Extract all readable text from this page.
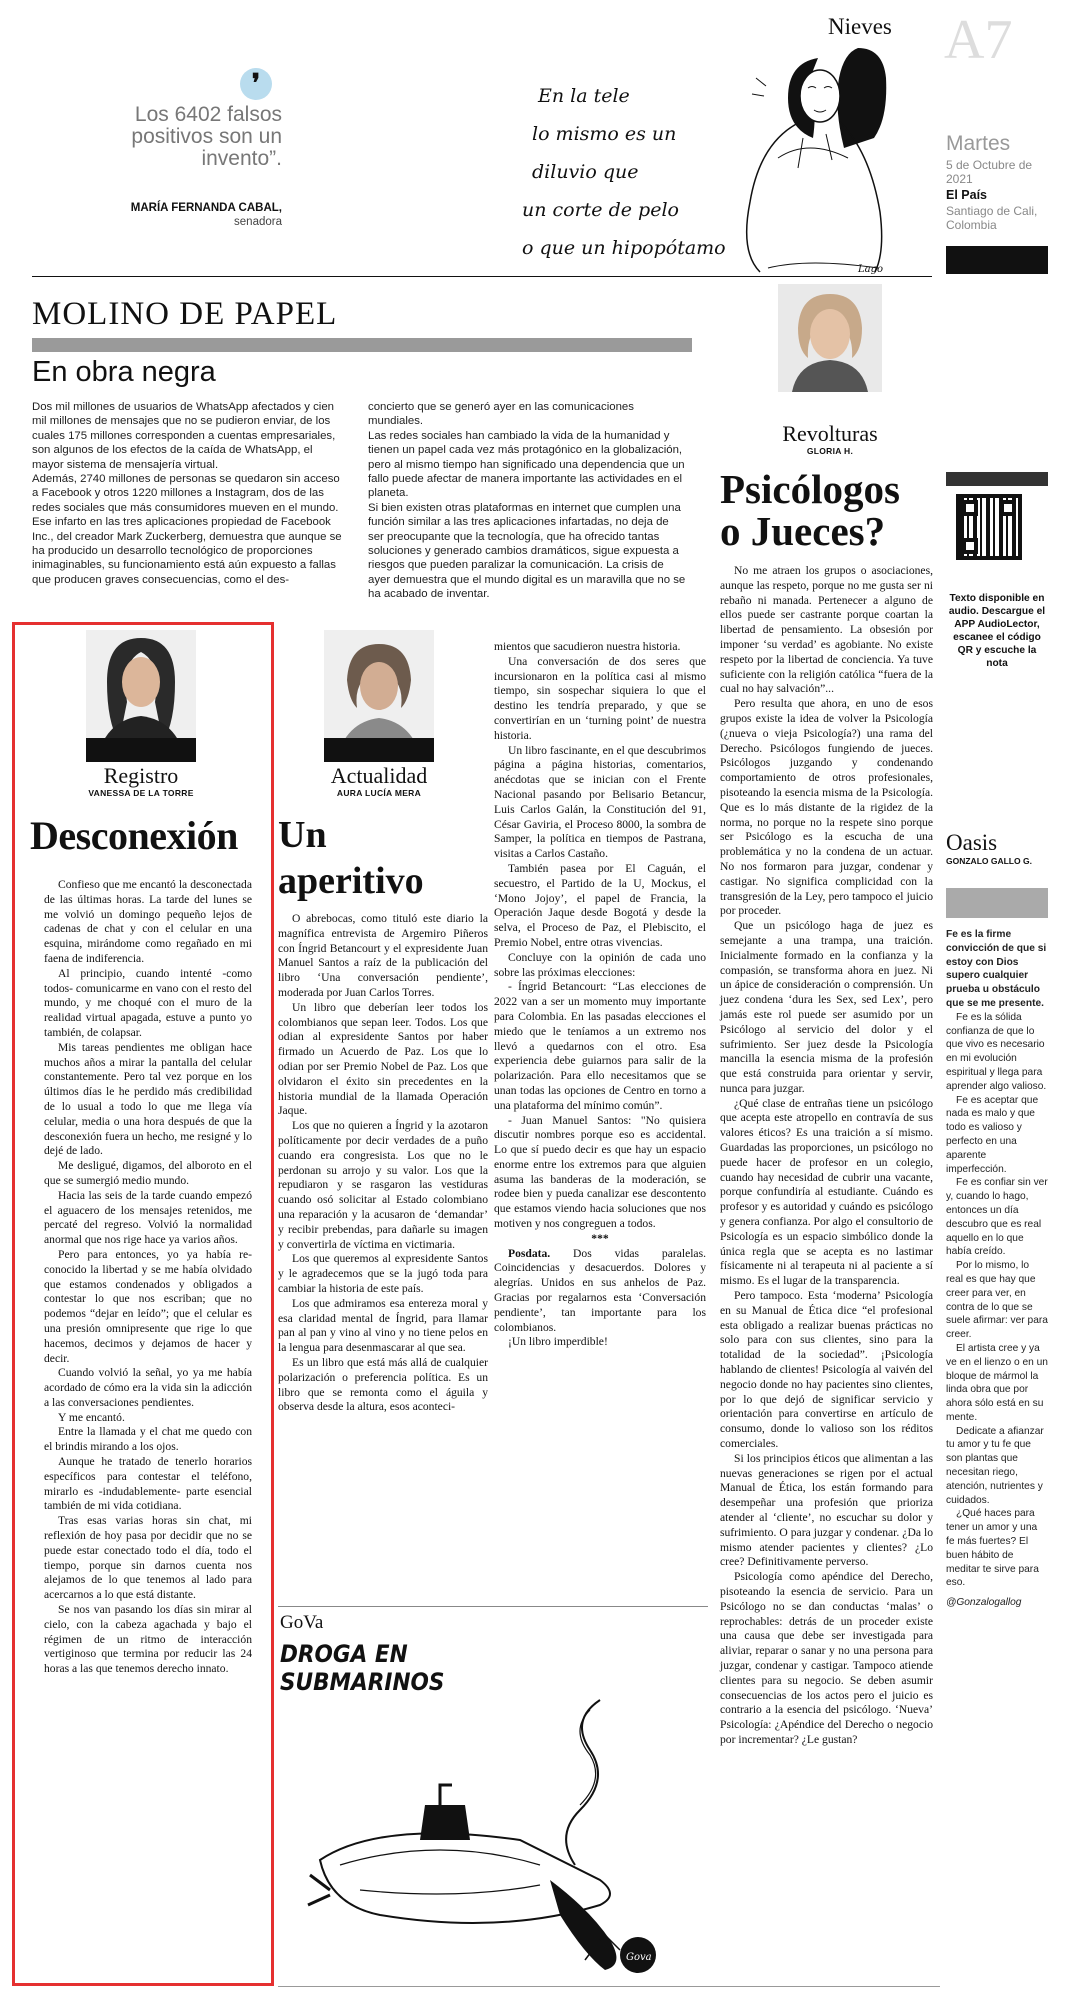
❜
Los 6402 falsos positivos son un invento”.
MARÍA FERNANDA CABAL,
senadora
Nieves
En la tele
lo mismo es un
diluvio que
un corte de pelo
o que un hipopótamo
Lago
A7
Martes
5 de Octubre de 2021
El País
Santiago de Cali, Colombia
MOLINO DE PAPEL
En obra negra

Dos mil millones de usuarios de WhatsApp afectados y cien mil millones de mensajes que no se pudieron enviar, de los cuales 175 millones corresponden a cuentas empresariales, son algunos de los efectos de la caída de WhatsApp, el mayor sistema de mensajería virtual.

Además, 2740 millones de personas se quedaron sin acceso a Facebook y otros 1220 millones a Instagram, dos de las redes sociales que más consumidores mueven en el mundo.

Ese infarto en las tres aplicaciones propiedad de Facebook Inc., del creador Mark Zuckerberg, demuestra que aunque se ha producido un desarrollo tecnológico de proporciones inimaginables, su funcionamiento está aún expuesto a fallas que producen graves consecuencias, como el des-

concierto que se generó ayer en las comunicaciones mundiales.

Las redes sociales han cambiado la vida de la humanidad y tienen un papel cada vez más protagónico en la globalización, pero al mismo tiempo han significado una dependencia que un fallo puede afectar de manera importante las actividades en el planeta.

Si bien existen otras plataformas en internet que cumplen una función similar a las tres aplicaciones infartadas, no deja de ser preocupante que la tecnología, que ha ofrecido tantas soluciones y generado cambios dramáticos, sigue expuesta a riesgos que pueden paralizar la comunicación. La crisis de ayer demuestra que el mundo digital es un maravilla que no se ha acabado de inventar.

Revolturas
GLORIA H.
Psicólogos o Jueces?

No me atraen los grupos o asociaciones, aunque las respeto, porque no me gusta ser ni rebaño ni manada. Pertenecer a alguno de ellos puede ser castrante porque coartan la libertad de pensamiento. La obsesión por imponer ‘su verdad’ es agobiante. No existe respeto por la libertad de conciencia. Ya tuve suficiente con la religión católica “fuera de la cual no hay salvación”...

Pero resulta que ahora, en uno de esos grupos existe la idea de volver la Psicología (¿nueva o vieja Psicología?) una rama del Derecho. Psicólogos fungiendo de jueces. Psicólogos juzgando y condenando comportamiento de otros profesionales, pisoteando la esencia misma de la Psicología. Que es lo más distante de la rigidez de la norma, no porque no la respete sino porque ser Psicólogo es la escucha de una problemática y no la condena de un actuar. No nos formaron para juzgar, condenar y castigar. No significa complicidad con la transgresión de la Ley, pero tampoco el juicio por proceder.

Que un psicólogo haga de juez es semejante a una trampa, una traición. Inicialmente formado en la confianza y la compasión, se transforma ahora en juez. Ni un ápice de consideración o comprensión. Un juez condena ‘dura les Sex, sed Lex’, pero jamás este rol puede ser asumido por un Psicólogo al servicio del dolor y el sufrimiento. Ser juez desde la Psicología mancilla la esencia misma de la profesión que está construida para orientar y servir, nunca para juzgar.

¿Qué clase de entrañas tiene un psicólogo que acepta este atropello en contravía de sus valores éticos? Es una traición a sí mismo. Guardadas las proporciones, un psicólogo no puede hacer de profesor en un colegio, cuando hay necesidad de cubrir una vacante, porque confundiría al estudiante. Cuándo es profesor y es autoridad y cuándo es psicólogo y genera confianza. Por algo el consultorio de Psicología es un espacio simbólico donde la única regla que se acepta es no lastimar físicamente ni al terapeuta ni al paciente a sí mismo. Es el lugar de la transparencia.

Pero tampoco. Esta ‘moderna’ Psicología en su Manual de Ética dice “el profesional esta obligado a realizar buenas prácticas no solo para con sus clientes, sino para la totalidad de la sociedad”. ¡Psicología hablando de clientes! Psicología al vaivén del negocio donde no hay pacientes sino clientes, por lo que dejó de significar servicio y orientación para convertirse en artículo de consumo, donde lo valioso son los réditos comerciales.

Si los principios éticos que alimentan a las nuevas generaciones se rigen por el actual Manual de Ética, los están formando para desempeñar una profesión que prioriza atender al ‘cliente’, no escuchar su dolor y sufrimiento. O para juzgar y condenar. ¿Da lo mismo atender pacientes y clientes? ¿Lo cree? Definitivamente perverso.

Psicología como apéndice del Derecho, pisoteando la esencia de servicio. Para un Psicólogo no se dan conductas ‘malas’ o reprochables: detrás de un proceder existe una causa que debe ser investigada para aliviar, reparar o sanar y no una persona para juzgar, condenar y castigar. Tampoco atiende clientes para su negocio. Se deben asumir consecuencias de los actos pero el juicio es contrario a la esencia del psicólogo. ‘Nueva’ Psicología: ¿Apéndice del Derecho o negocio por incrementar? ¿Le gustan?

Texto disponible en audio. Descargue el APP AudioLector, escanee el código QR y escuche la nota
Oasis
GONZALO GALLO G.

Fe es la firme convicción de que si estoy con Dios supero cualquier prueba u obstáculo que se me presente.

Fe es la sólida confianza de que lo que vivo es necesario en mi evolución espiritual y llega para aprender algo valioso.

Fe es aceptar que nada es malo y que todo es valioso y perfecto en una aparente imperfección.

Fe es confiar sin ver y, cuando lo hago, entonces un día descubro que es real aquello en lo que había creído.

Por lo mismo, lo real es que hay que creer para ver, en contra de lo que se suele afirmar: ver para creer.

El artista cree y ya ve en el lienzo o en un bloque de mármol la linda obra que por ahora sólo está en su mente.

Dedicate a afianzar tu amor y tu fe que son plantas que necesitan riego, atención, nutrientes y cuidados.

¿Qué haces para tener un amor y una fe más fuertes? El buen hábito de meditar te sirve para eso.

@Gonzalogallog

Registro
VANESSA DE LA TORRE
Desconexión

Confieso que me encantó la desconectada de las últimas horas. La tarde del lunes se me volvió un domingo pequeño lejos de cadenas de chat y con el celular en una esquina, mirándome como regañado en mi faena de indiferencia.

Al principio, cuando intenté -como todos- comunicarme en vano con el resto del mundo, y me choqué con el muro de la realidad virtual apagada, estuve a punto yo también, de colapsar.

Mis tareas pendientes me obligan hace muchos años a mirar la pantalla del celular constantemente. Pero tal vez porque en los últimos días le he perdido más credibilidad de lo usual a todo lo que me llega vía celular, media o una hora después de que la desconexión fuera un hecho, me resigné y lo dejé de lado.

Me desligué, digamos, del alboroto en el que se sumergió medio mundo.

Hacia las seis de la tarde cuando empezó el aguacero de los mensajes retenidos, me percaté del regreso. Volvió la normalidad anormal que nos rige hace ya varios años.

Pero para entonces, yo ya había re-conocido la libertad y se me había olvidado que estamos condenados y obligados a contestar lo que nos escriban; que no podemos “dejar en leído”; que el celular es una presión omnipresente que rige lo que hacemos, decimos y dejamos de hacer y decir.

Cuando volvió la señal, yo ya me había acordado de cómo era la vida sin la adicción a las conversaciones pendientes.

Y me encantó.

Entre la llamada y el chat me quedo con el brindis mirando a los ojos.

Aunque he tratado de tenerlo horarios específicos para contestar el teléfono, mirarlo es -indudablemente- parte esencial también de mi vida cotidiana.

Tras esas varias horas sin chat, mi reflexión de hoy pasa por decidir que no se puede estar conectado todo el día, todo el tiempo, porque sin darnos cuenta nos alejamos de lo que tenemos al lado para acercarnos a lo que está distante.

Se nos van pasando los días sin mirar al cielo, con la cabeza agachada y bajo el régimen de un ritmo de interacción vertiginoso que termina por reducir las 24 horas a las que tenemos derecho innato.

Actualidad
AURA LUCÍA MERA
Un aperitivo

O abrebocas, como tituló este diario la magnífica entrevista de Argemiro Piñeros con Íngrid Betancourt y el expresidente Juan Manuel Santos a raíz de la publicación del libro ‘Una conversación pendiente’, moderada por Juan Carlos Torres.

Un libro que deberían leer todos los colombianos que sepan leer. Todos. Los que odian al expresidente Santos por haber firmado un Acuerdo de Paz. Los que lo odian por ser Premio Nobel de Paz. Los que olvidaron el éxito sin precedentes en la historia mundial de la llamada Operación Jaque.

Los que no quieren a Íngrid y la azotaron políticamente por decir verdades de a puño cuando era congresista. Los que no le perdonan su arrojo y su valor. Los que la repudiaron y se rasgaron las vestiduras cuando osó solicitar al Estado colombiano una reparación y la acusaron de ‘demandar’ y recibir prebendas, para dañarle su imagen y convertirla de víctima en victimaria.

Los que queremos al expresidente Santos y le agradecemos que se la jugó toda para cambiar la historia de este país.

Los que admiramos esa entereza moral y esa claridad mental de Íngrid, para llamar pan al pan y vino al vino y no tiene pelos en la lengua para desenmascarar al que sea.

Es un libro que está más allá de cualquier polarización o preferencia política. Es un libro que se remonta como el águila y observa desde la altura, esos aconteci-

mientos que sacudieron nuestra historia.

Una conversación de dos seres que incursionaron en la política casi al mismo tiempo, sin sospechar siquiera lo que el destino les tendría preparado, y que se convertirían en un ‘turning point’ de nuestra historia.

Un libro fascinante, en el que descubrimos página a página historias, comentarios, anécdotas que se inician con el Frente Nacional pasando por Belisario Betancur, Luis Carlos Galán, la Constitución del 91, César Gaviria, el Proceso 8000, la sombra de Samper, la política en tiempos de Pastrana, visitas a Carlos Castaño.

También pasea por El Caguán, el secuestro, el Partido de la U, Mockus, el ‘Mono Jojoy’, el papel de Francia, la Operación Jaque desde Bogotá y desde la selva, el Proceso de Paz, el Plebiscito, el Premio Nobel, entre otras vivencias.

Concluye con la opinión de cada uno sobre las próximas elecciones:

- Íngrid Betancourt: “Las elecciones de 2022 van a ser un momento muy importante para Colombia. En las pasadas elecciones el miedo que le teníamos a un extremo nos llevó a quedarnos con el otro. Esa experiencia debe guiarnos para salir de la polarización. Para ello necesitamos que se unan todas las opciones de Centro en torno a una plataforma del mínimo común”.

- Juan Manuel Santos: "No quisiera discutir nombres porque eso es accidental. Lo que sí puedo decir es que hay un espacio enorme entre los extremos para que alguien asuma las banderas de la moderación, se rodee bien y pueda canalizar ese descontento que estamos viendo hacia soluciones que nos motiven y nos congreguen a todos.

***

Posdata. Dos vidas paralelas. Coincidencias y desacuerdos. Dolores y alegrías. Unidos en sus anhelos de Paz. Gracias por regalarnos esta ‘Conversación pendiente’, tan importante para los colombianos.

¡Un libro imperdible!

GoVa
DROGA EN
SUBMARINOS
Gova
